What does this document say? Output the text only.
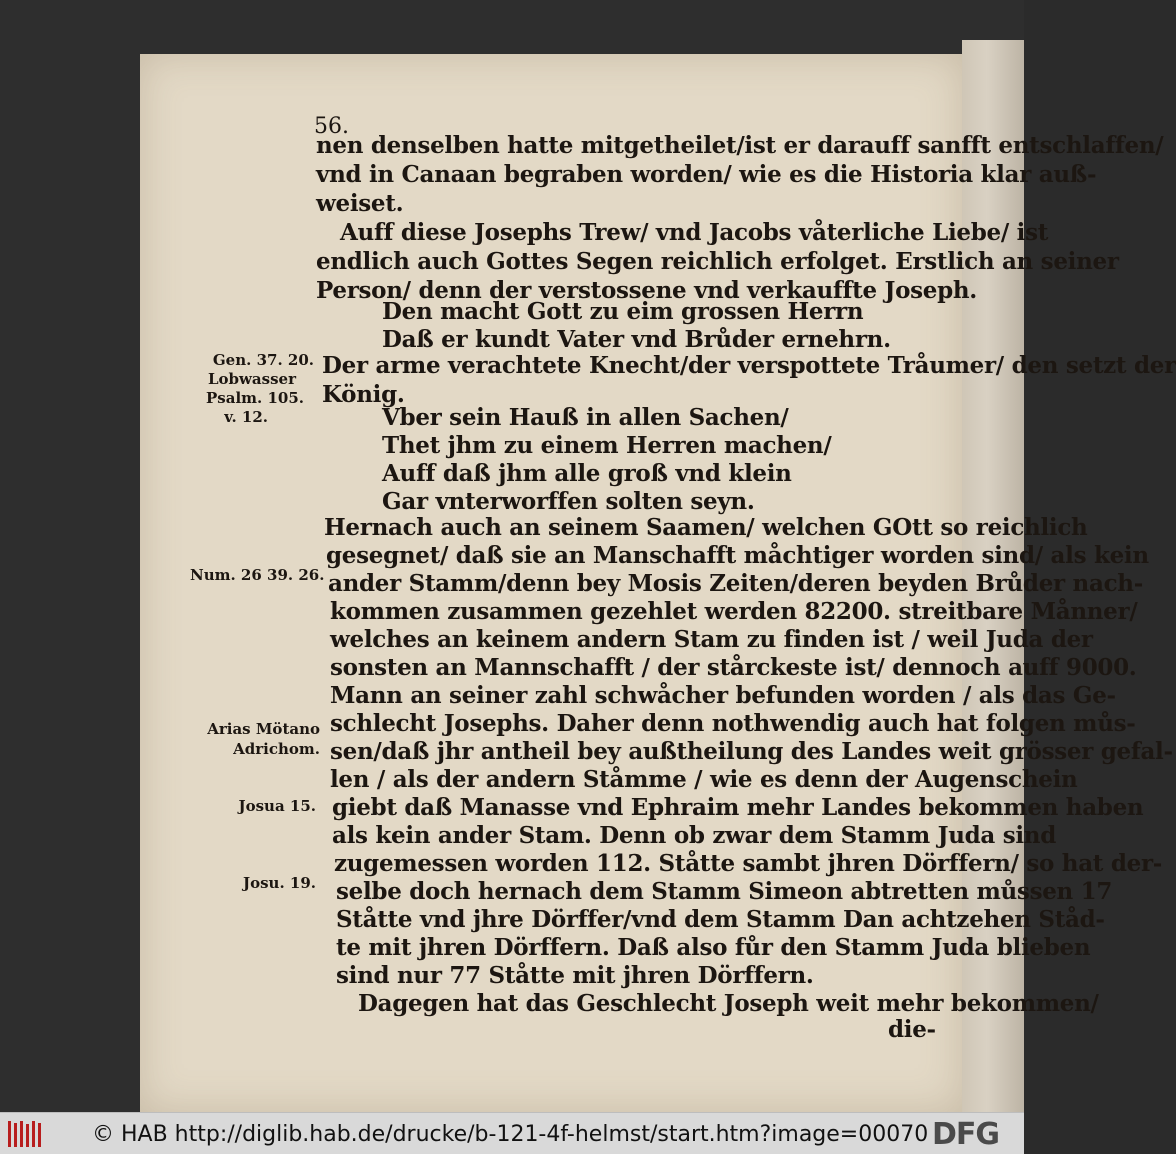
56.
nen denselben hatte mitgetheilet/ist er darauff sanfft entschlaffen/
vnd in Canaan begraben worden/ wie es die Historia klar auß-
weiset.
Auff diese Josephs Trew/ vnd Jacobs våterliche Liebe/ ist
endlich auch Gottes Segen reichlich erfolget. Erstlich an seiner
Person/ denn der verstossene vnd verkauffte Joseph.
Den macht Gott zu eim grossen Herrn
Daß er kundt Vater vnd Brůder ernehrn.
Der arme verachtete Knecht/der verspottete Tråumer/ den setzt der
König.
Vber sein Hauß in allen Sachen/
Thet jhm zu einem Herren machen/
Auff daß jhm alle groß vnd klein
Gar vnterworffen solten seyn.
Hernach auch an seinem Saamen/ welchen GOtt so reichlich
gesegnet/ daß sie an Manschafft måchtiger worden sind/ als kein
ander Stamm/denn bey Mosis Zeiten/deren beyden Brůder nach-
kommen zusammen gezehlet werden 82200. streitbare Månner/
welches an keinem andern Stam zu finden ist / weil Juda der
sonsten an Mannschafft / der stårckeste ist/ dennoch auff 9000.
Mann an seiner zahl schwåcher befunden worden / als das Ge-
schlecht Josephs. Daher denn nothwendig auch hat folgen můs-
sen/daß jhr antheil bey außtheilung des Landes weit grösser gefal-
len / als der andern Ståmme / wie es denn der Augenschein
giebt daß Manasse vnd Ephraim mehr Landes bekommen haben
als kein ander Stam. Denn ob zwar dem Stamm Juda sind
zugemessen worden 112. Ståtte sambt jhren Dörffern/ so hat der-
selbe doch hernach dem Stamm Simeon abtretten můssen 17
Ståtte vnd jhre Dörffer/vnd dem Stamm Dan achtzehen Ståd-
te mit jhren Dörffern. Daß also fůr den Stamm Juda blieben
sind nur 77 Ståtte mit jhren Dörffern.
Dagegen hat das Geschlecht Joseph weit mehr bekommen/
die-
Gen. 37. 20.
Lobwasser
Psalm. 105.
v. 12.
Num. 26 39. 26.
Arias Mötano
Adrichom.
Josua 15.
Josu. 19.
© HAB http://diglib.hab.de/drucke/b-121-4f-helmst/start.htm?image=00070 DFG
